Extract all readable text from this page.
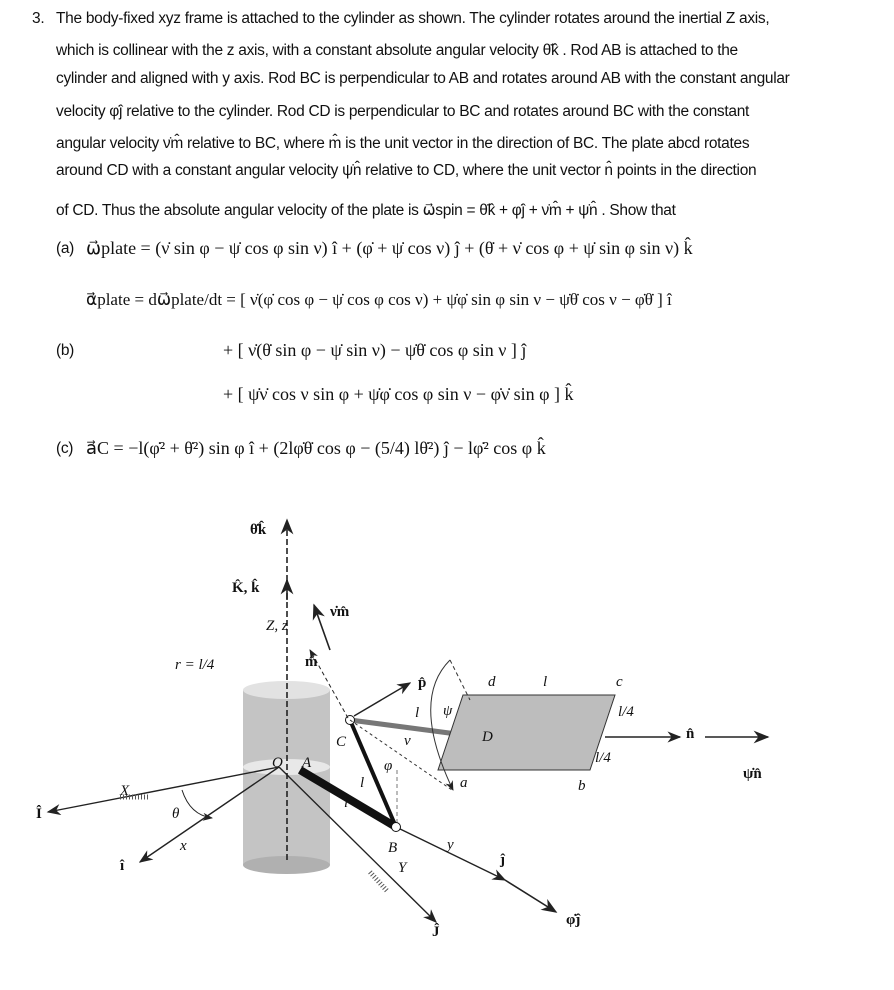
3. The body-fixed xyz frame is attached to the cylinder as shown. The cylinder rotates around the inertial Z axis,
which is collinear with the z axis, with a constant absolute angular velocity θ̇k̂ . Rod AB is attached to the
cylinder and aligned with y axis. Rod BC is perpendicular to AB and rotates around AB with the constant angular
velocity φ̇ĵ relative to the cylinder. Rod CD is perpendicular to BC and rotates around BC with the constant
angular velocity ν̇m̂ relative to BC, where m̂ is the unit vector in the direction of BC. The plate abcd rotates
around CD with a constant angular velocity ψ̇n̂ relative to CD, where the unit vector n̂ points in the direction
of CD. Thus the absolute angular velocity of the plate is ω⃗spin = θ̇k̂ + φ̇ĵ + ν̇m̂ + ψ̇n̂ . Show that
(a) ω⃗plate = (ν̇ sin φ − ψ̇ cos φ sin ν) î + (φ̇ + ψ̇ cos ν) ĵ + (θ̇ + ν̇ cos φ + ψ̇ sin φ sin ν) k̂
α⃗plate = dω⃗plate/dt = [ ν̇(φ̇ cos φ − ψ̇ cos φ cos ν) + ψ̇φ̇ sin φ sin ν − ψ̇θ̇ cos ν − φ̇θ̇ ] î
(b)	+ [ ν̇(θ̇ sin φ − ψ̇ sin ν) − ψ̇θ̇ cos φ sin ν ] ĵ
+ [ ψ̇ν̇ cos ν sin φ + ψ̇φ̇ cos φ sin ν − φ̇ν̇ sin φ ] k̂
(c) a⃗C = −l(φ̇² + θ̇²) sin φ î + (2lφ̇θ̇ cos φ − (5/4) lθ̇²) ĵ − lφ̇² cos φ k̂
θ̇k̂
K̂, k̂
Z, z
ν̇m̂
m̂
r = l/4
p̂	d	l	c
l ψ	l/4
C	ν	D	n̂
ψ̇n̂
l/4
φ
l
l
a	b
O A
X
Î	θ
x
î
B
Y
y
ĵ
Ĵ
φ̇ĵ
